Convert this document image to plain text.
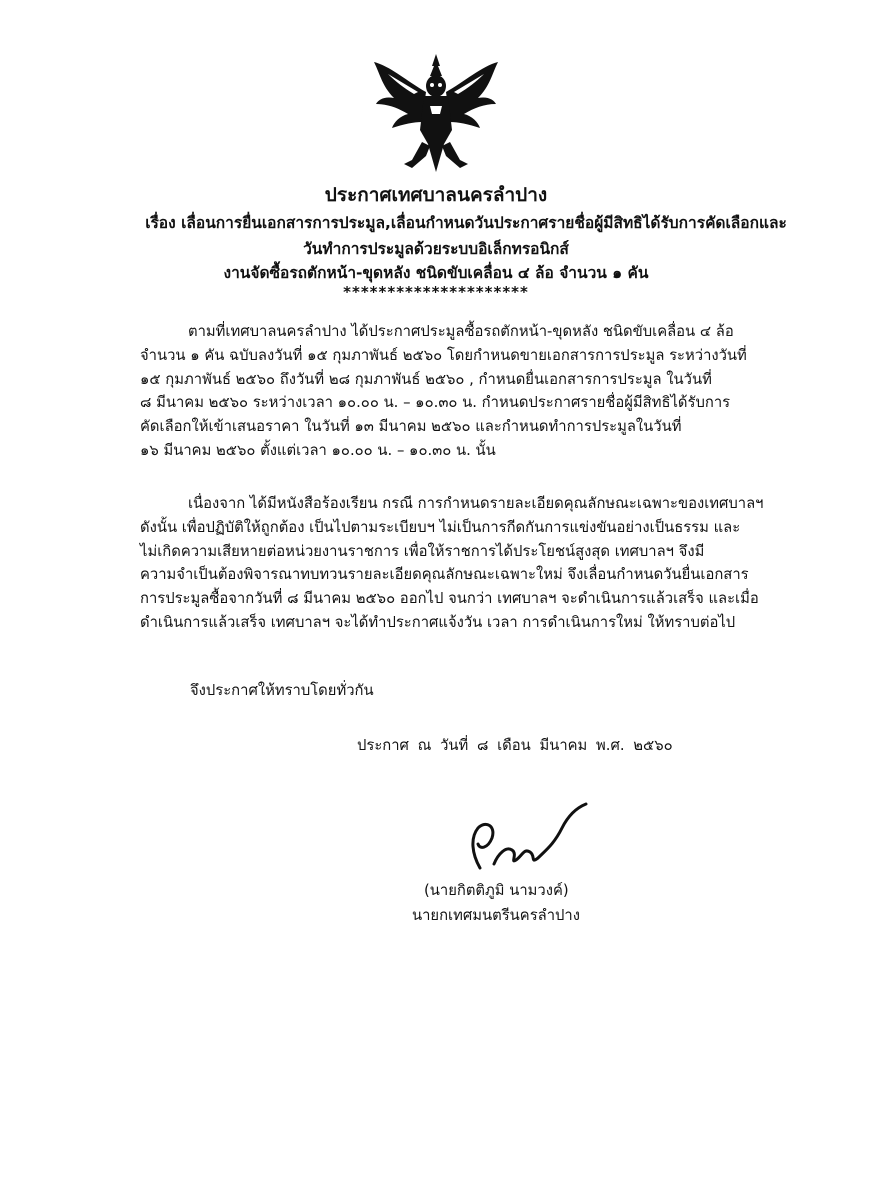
ประกาศเทศบาลนครลำปาง
เรื่อง เลื่อนการยื่นเอกสารการประมูล,เลื่อนกำหนดวันประกาศรายชื่อผู้มีสิทธิได้รับการคัดเลือกและ
วันทำการประมูลด้วยระบบอิเล็กทรอนิกส์
งานจัดซื้อรถตักหน้า-ขุดหลัง ชนิดขับเคลื่อน ๔ ล้อ จำนวน ๑ คัน
*********************
ตามที่เทศบาลนครลำปาง ได้ประกาศประมูลซื้อรถตักหน้า-ขุดหลัง ชนิดขับเคลื่อน ๔ ล้อ
จำนวน ๑ คัน ฉบับลงวันที่ ๑๕ กุมภาพันธ์ ๒๕๖๐ โดยกำหนดขายเอกสารการประมูล ระหว่างวันที่
๑๕ กุมภาพันธ์ ๒๕๖๐ ถึงวันที่ ๒๘ กุมภาพันธ์ ๒๕๖๐ , กำหนดยื่นเอกสารการประมูล ในวันที่
๘ มีนาคม ๒๕๖๐ ระหว่างเวลา ๑๐.๐๐ น. – ๑๐.๓๐ น. กำหนดประกาศรายชื่อผู้มีสิทธิได้รับการ
คัดเลือกให้เข้าเสนอราคา ในวันที่ ๑๓ มีนาคม ๒๕๖๐ และกำหนดทำการประมูลในวันที่
๑๖ มีนาคม ๒๕๖๐ ตั้งแต่เวลา ๑๐.๐๐ น. – ๑๐.๓๐ น. นั้น
เนื่องจาก ได้มีหนังสือร้องเรียน กรณี การกำหนดรายละเอียดคุณลักษณะเฉพาะของเทศบาลฯ
ดังนั้น เพื่อปฏิบัติให้ถูกต้อง เป็นไปตามระเบียบฯ ไม่เป็นการกีดกันการแข่งขันอย่างเป็นธรรม และ
ไม่เกิดความเสียหายต่อหน่วยงานราชการ เพื่อให้ราชการได้ประโยชน์สูงสุด เทศบาลฯ จึงมี
ความจำเป็นต้องพิจารณาทบทวนรายละเอียดคุณลักษณะเฉพาะใหม่ จึงเลื่อนกำหนดวันยื่นเอกสาร
การประมูลซื้อจากวันที่ ๘ มีนาคม ๒๕๖๐ ออกไป จนกว่า เทศบาลฯ จะดำเนินการแล้วเสร็จ และเมื่อ
ดำเนินการแล้วเสร็จ เทศบาลฯ จะได้ทำประกาศแจ้งวัน เวลา การดำเนินการใหม่ ให้ทราบต่อไป
จึงประกาศให้ทราบโดยทั่วกัน
ประกาศ ณ วันที่ ๘ เดือน มีนาคม พ.ศ. ๒๕๖๐
(นายกิตติภูมิ นามวงค์)
นายกเทศมนตรีนครลำปาง
